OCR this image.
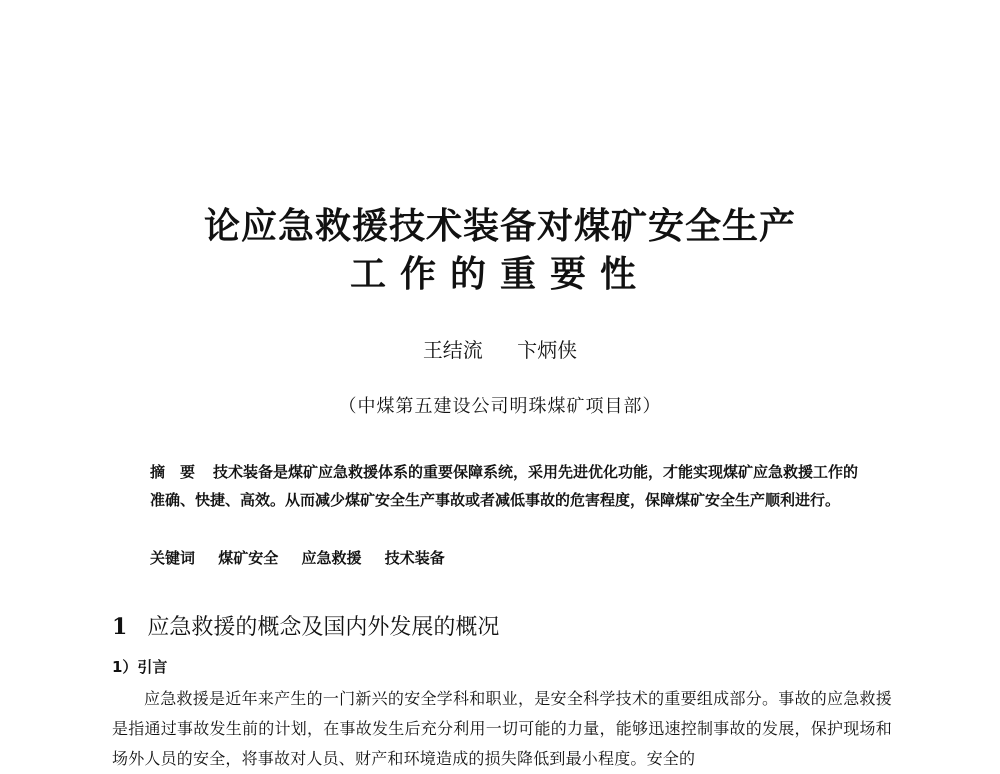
论应急救援技术装备对煤矿安全生产
工作的重要性
王结流 卞炳侠
（中煤第五建设公司明珠煤矿项目部）
摘　要 技术装备是煤矿应急救援体系的重要保障系统，采用先进优化功能，才能实现煤矿应急救援工作的准确、快捷、高效。从而减少煤矿安全生产事故或者减低事故的危害程度，保障煤矿安全生产顺利进行。
关键词 煤矿安全 应急救援 技术装备
1 应急救援的概念及国内外发展的概况
1）引言
应急救援是近年来产生的一门新兴的安全学科和职业，是安全科学技术的重要组成部分。事故的应急救援是指通过事故发生前的计划，在事故发生后充分利用一切可能的力量，能够迅速控制事故的发展，保护现场和场外人员的安全，将事故对人员、财产和环境造成的损失降低到最小程度。安全的
